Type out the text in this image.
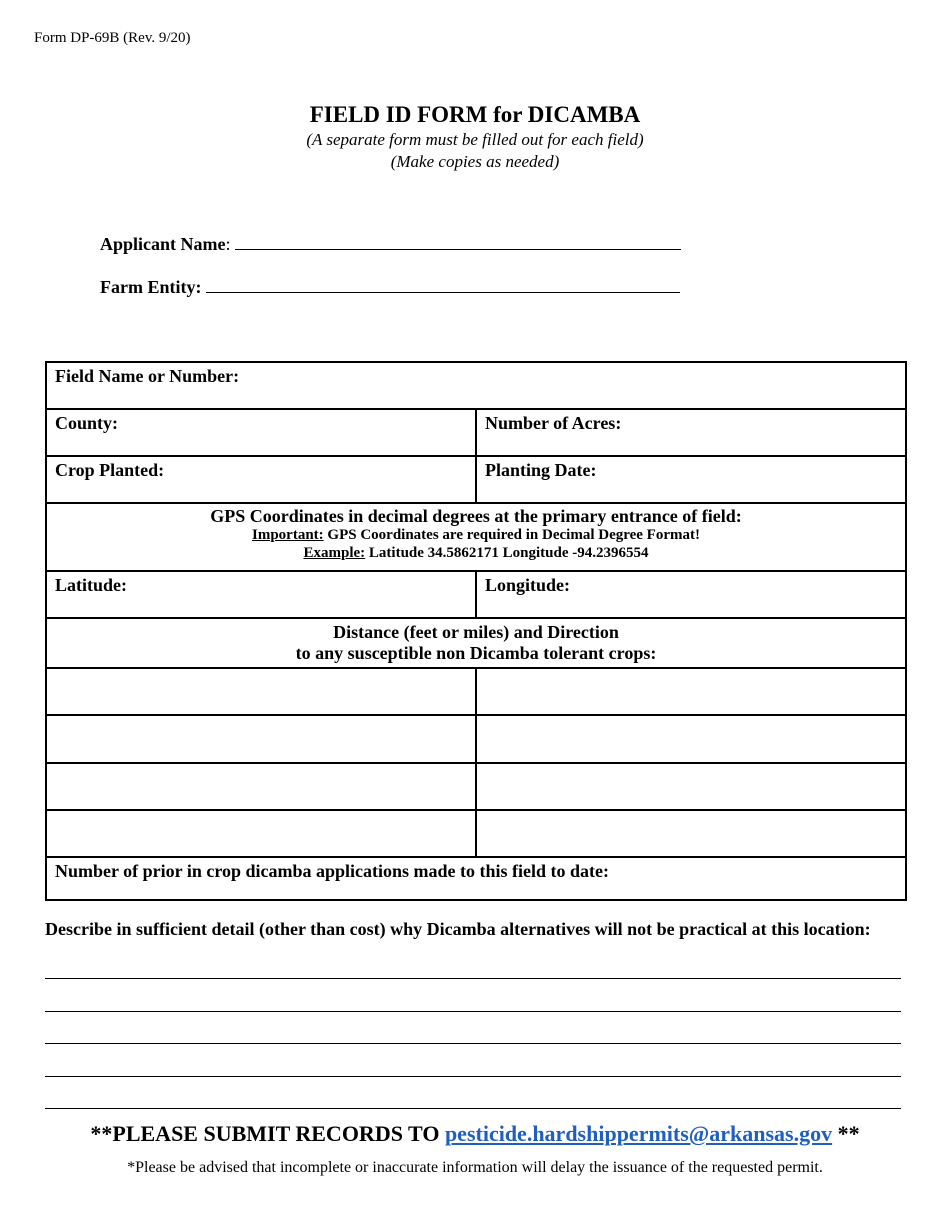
Form DP-69B (Rev. 9/20)
FIELD ID FORM for DICAMBA
(A separate form must be filled out for each field)
(Make copies as needed)
Applicant Name:
Farm Entity:
Field Name or Number:	
County:	Number of Acres:
Crop Planted:	Planting Date:

GPS Coordinates in decimal degrees at the primary entrance of field:
Important: GPS Coordinates are required in Decimal Degree Format!
Example: Latitude 34.5862171 Longitude -94.2396554	

Latitude:	Longitude:

Distance (feet or miles) and Direction
to any susceptible non Dicamba tolerant crops:	

Number of prior in crop dicamba applications made to this field to date:	
Describe in sufficient detail (other than cost) why Dicamba alternatives will not be practical at this location:
**PLEASE SUBMIT RECORDS TO pesticide.hardshippermits@arkansas.gov **
*Please be advised that incomplete or inaccurate information will delay the issuance of the requested permit.
